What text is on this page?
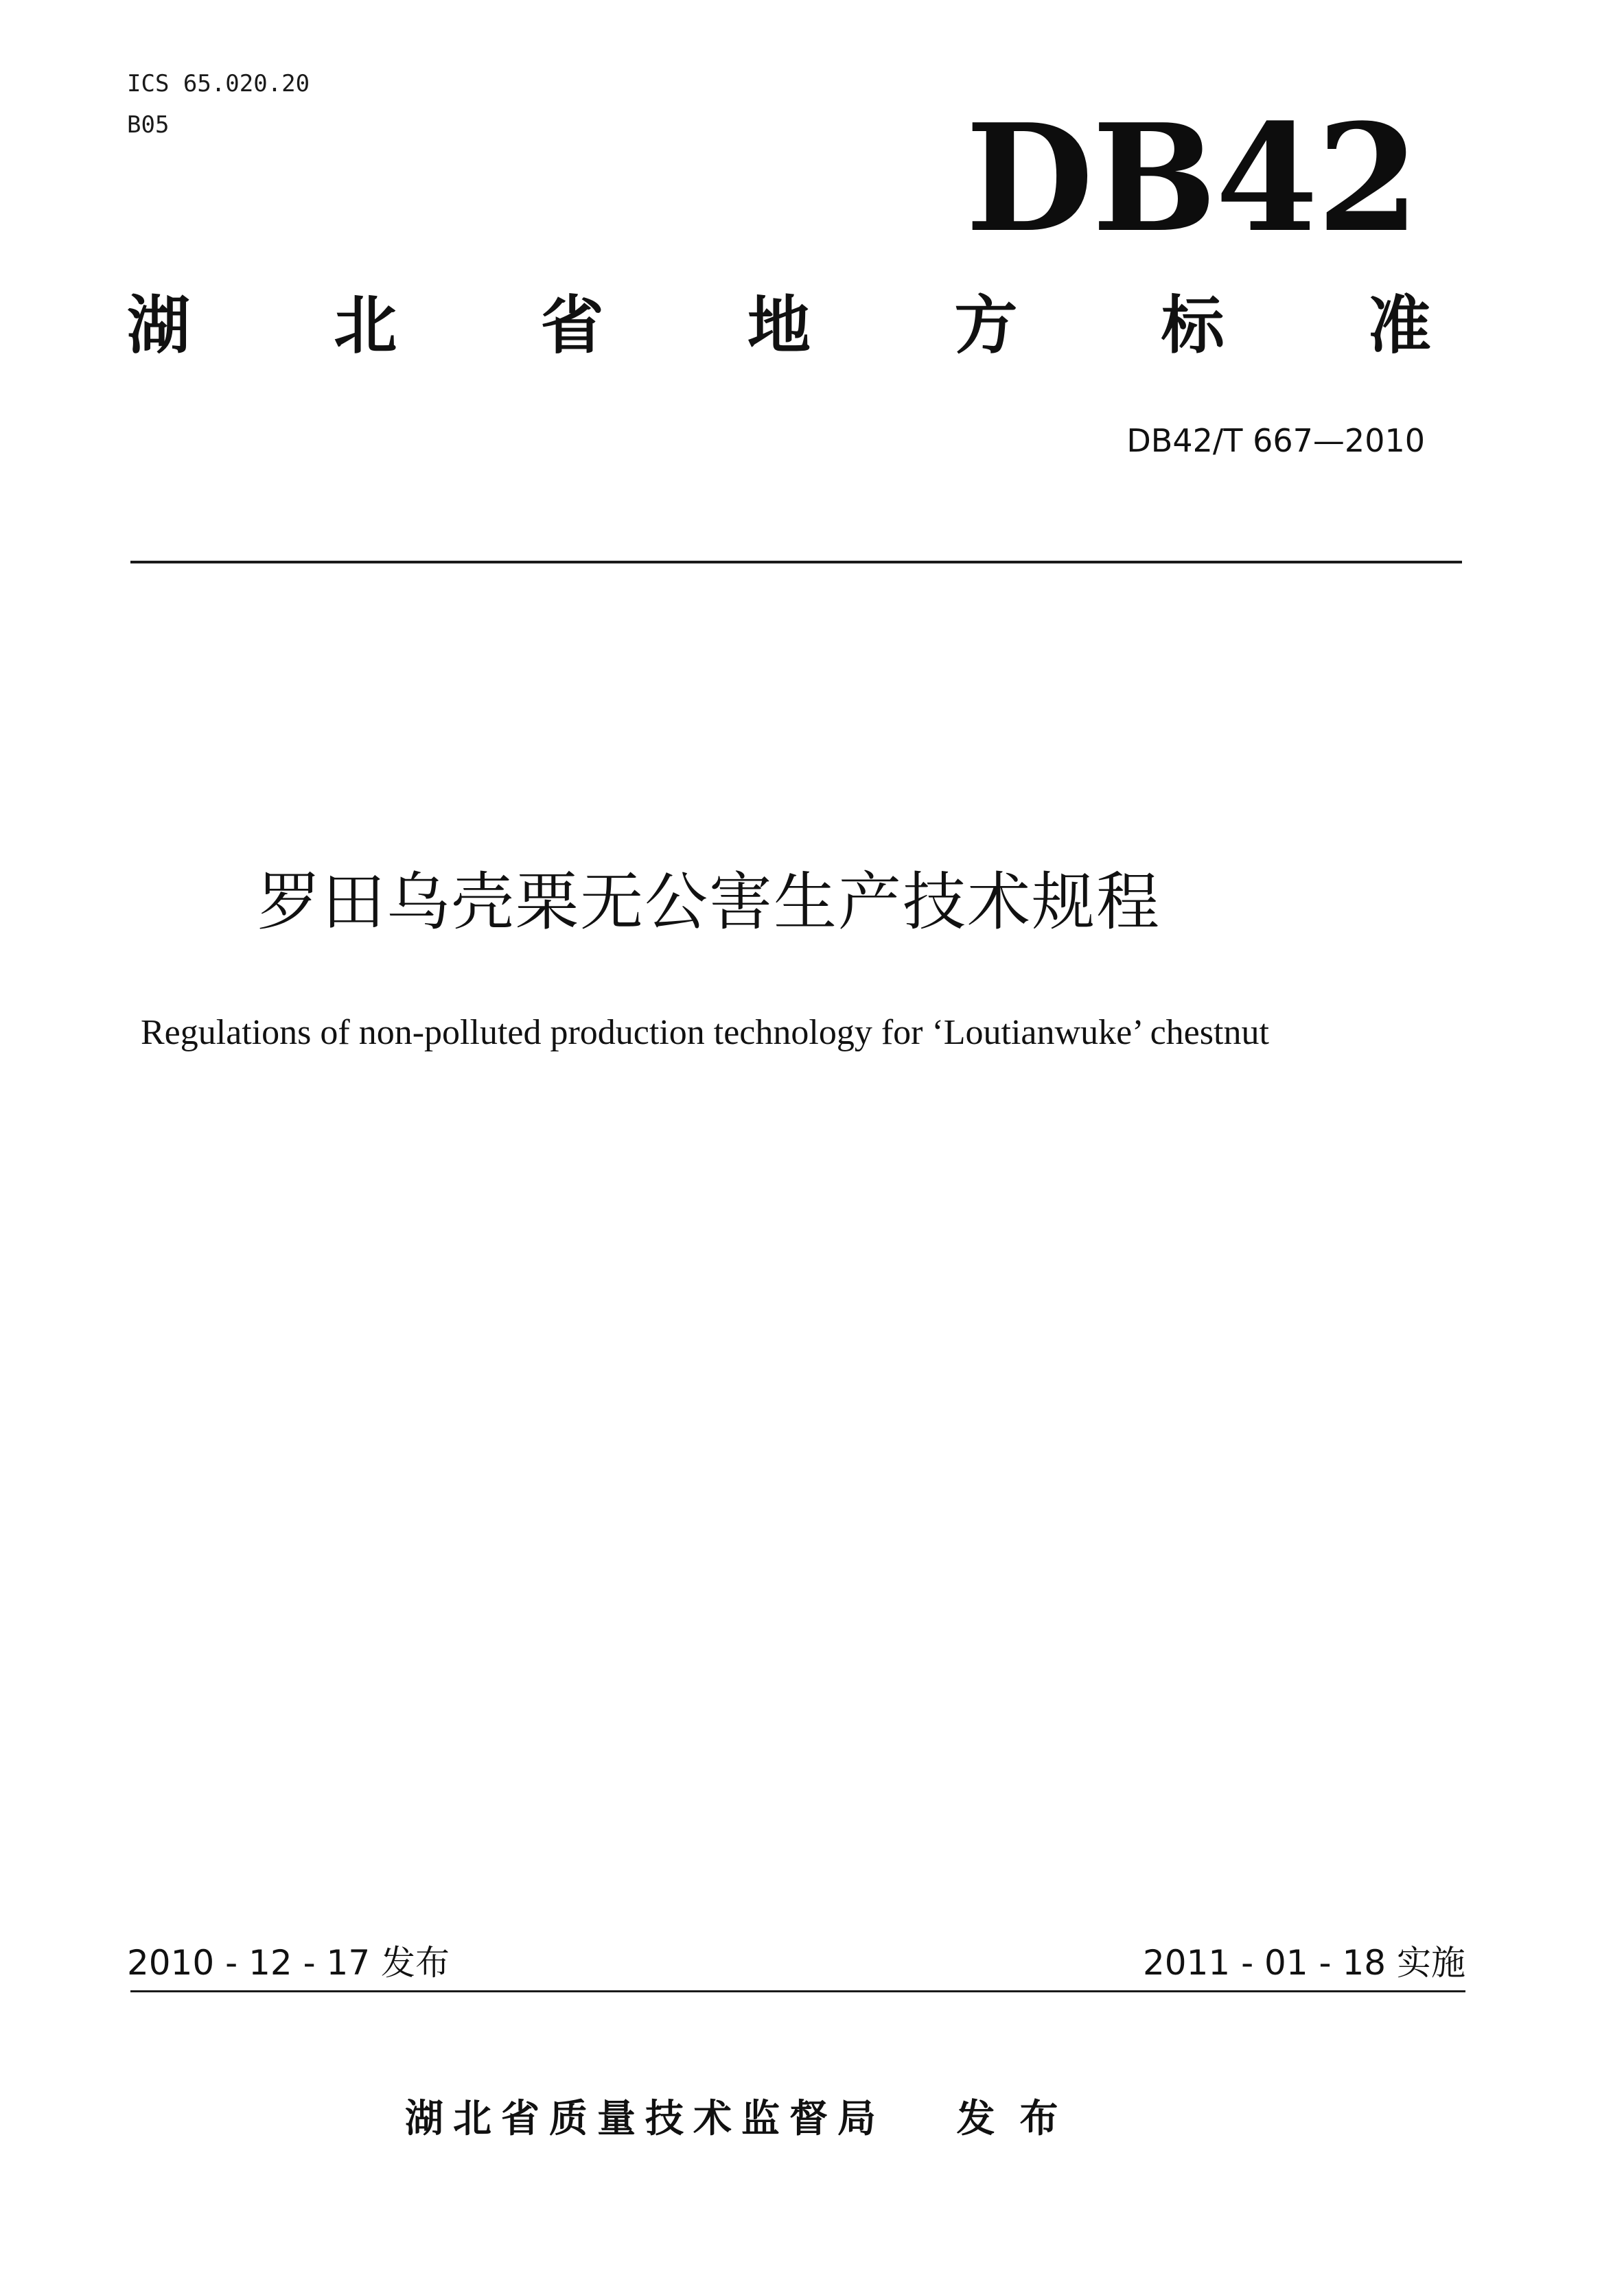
ICS 65.020.20
B05	DB42
湖 北 省 地 方 标 准
DB42/T 667—2010
罗田乌壳栗无公害生产技术规程
Regulations of non-polluted production technology for ‘Loutianwuke’ chestnut
2010 - 12 - 17 发布	2011 - 01 - 18 实施
湖北省质量技术监督局 发布
